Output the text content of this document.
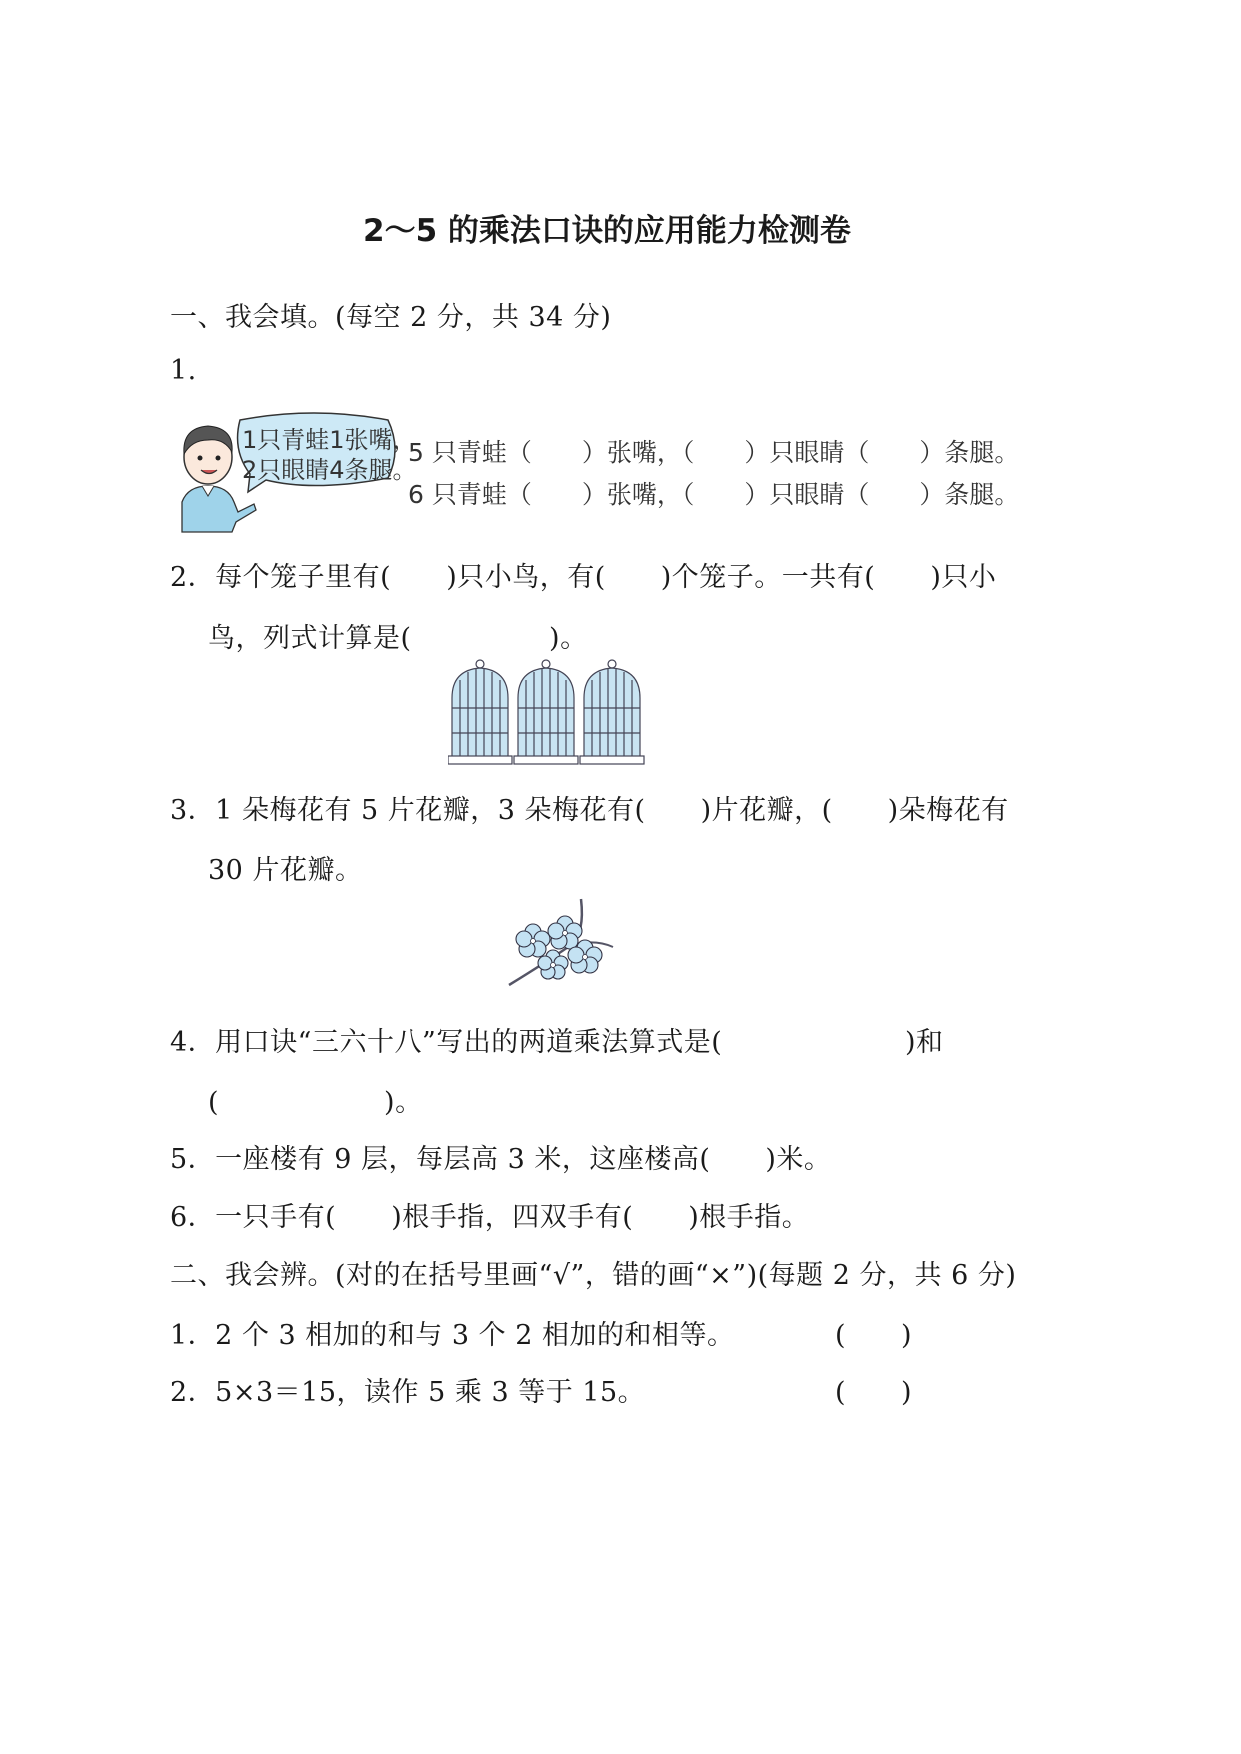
2～5 的乘法口诀的应用能力检测卷
一、我会填。(每空 2 分，共 34 分)
1.
1只青蛙1张嘴，
2只眼睛4条腿。
5 只青蛙（　　）张嘴，（　　）只眼睛（　　）条腿。
6 只青蛙（　　）张嘴，（　　）只眼睛（　　）条腿。
2．每个笼子里有(　　)只小鸟，有(　　)个笼子。一共有(　　)只小
鸟，列式计算是(　　　　　)。
3．1 朵梅花有 5 片花瓣，3 朵梅花有(　　)片花瓣，(　　)朵梅花有
30 片花瓣。
4．用口诀“三六十八”写出的两道乘法算式是(	)和
(　　　　　　)。
5．一座楼有 9 层，每层高 3 米，这座楼高(　　)米。
6．一只手有(　　)根手指，四双手有(　　)根手指。
二、我会辨。(对的在括号里画“√”，错的画“×”)(每题 2 分，共 6 分)
1．2 个 3 相加的和与 3 个 2 相加的和相等。	(　　)
2．5×3＝15，读作 5 乘 3 等于 15。	(　　)
